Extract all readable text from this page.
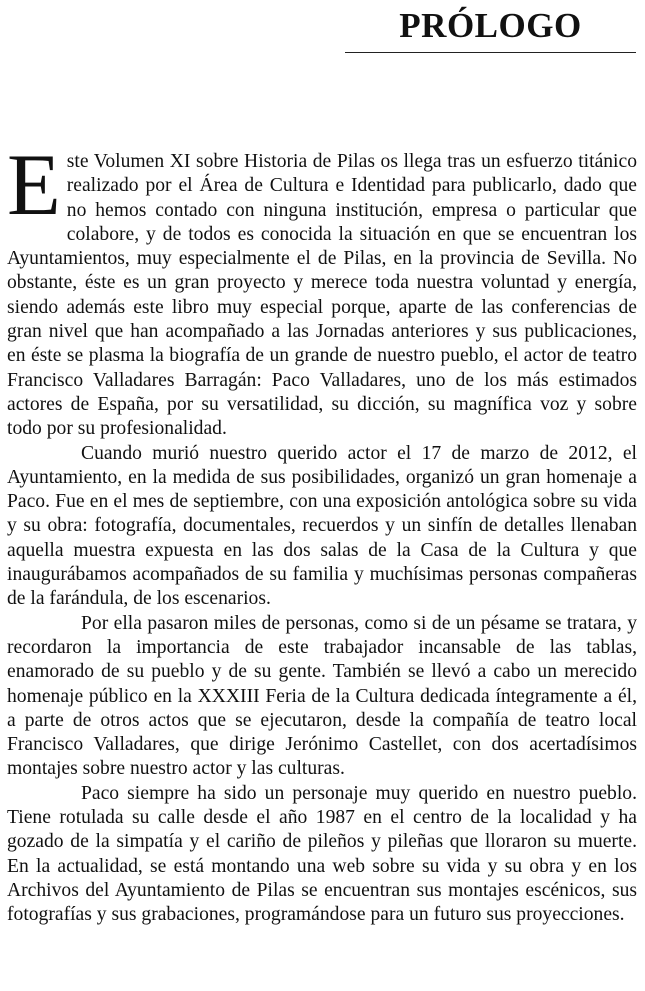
PRÓLOGO

Este Volumen XI sobre Historia de Pilas os llega tras un esfuerzo titánico realizado por el Área de Cultura e Identidad para publicarlo, dado que no hemos contado con ninguna institución, empresa o particular que colabore, y de todos es conocida la situación en que se encuentran los Ayuntamientos, muy especialmente el de Pilas, en la provincia de Sevilla. No obstante, éste es un gran proyecto y merece toda nuestra voluntad y energía, siendo además este libro muy especial porque, aparte de las conferencias de gran nivel que han acompañado a las Jornadas anteriores y sus publicaciones, en éste se plasma la biografía de un grande de nuestro pueblo, el actor de teatro Francisco Valladares Barragán: Paco Valladares, uno de los más estimados actores de España, por su versatilidad, su dicción, su magnífica voz y sobre todo por su profesionalidad.

Cuando murió nuestro querido actor el 17 de marzo de 2012, el Ayuntamiento, en la medida de sus posibilidades, organizó un gran homenaje a Paco. Fue en el mes de septiembre, con una exposición antológica sobre su vida y su obra: fotografía, documentales, recuerdos y un sinfín de detalles llenaban aquella muestra expuesta en las dos salas de la Casa de la Cultura y que inaugurábamos acompañados de su familia y muchísimas personas compañeras de la farándula, de los escenarios.

Por ella pasaron miles de personas, como si de un pésame se tratara, y recordaron la importancia de este trabajador incansable de las tablas, enamorado de su pueblo y de su gente. También se llevó a cabo un merecido homenaje público en la XXXIII Feria de la Cultura dedicada íntegramente a él, a parte de otros actos que se ejecutaron, desde la compañía de teatro local Francisco Valladares, que dirige Jerónimo Castellet, con dos acertadísimos montajes sobre nuestro actor y las culturas.

Paco siempre ha sido un personaje muy querido en nuestro pueblo. Tiene rotulada su calle desde el año 1987 en el centro de la localidad y ha gozado de la simpatía y el cariño de pileños y pileñas que lloraron su muerte. En la actualidad, se está montando una web sobre su vida y su obra y en los Archivos del Ayuntamiento de Pilas se encuentran sus montajes escénicos, sus fotografías y sus grabaciones, programándose para un futuro sus proyecciones.
